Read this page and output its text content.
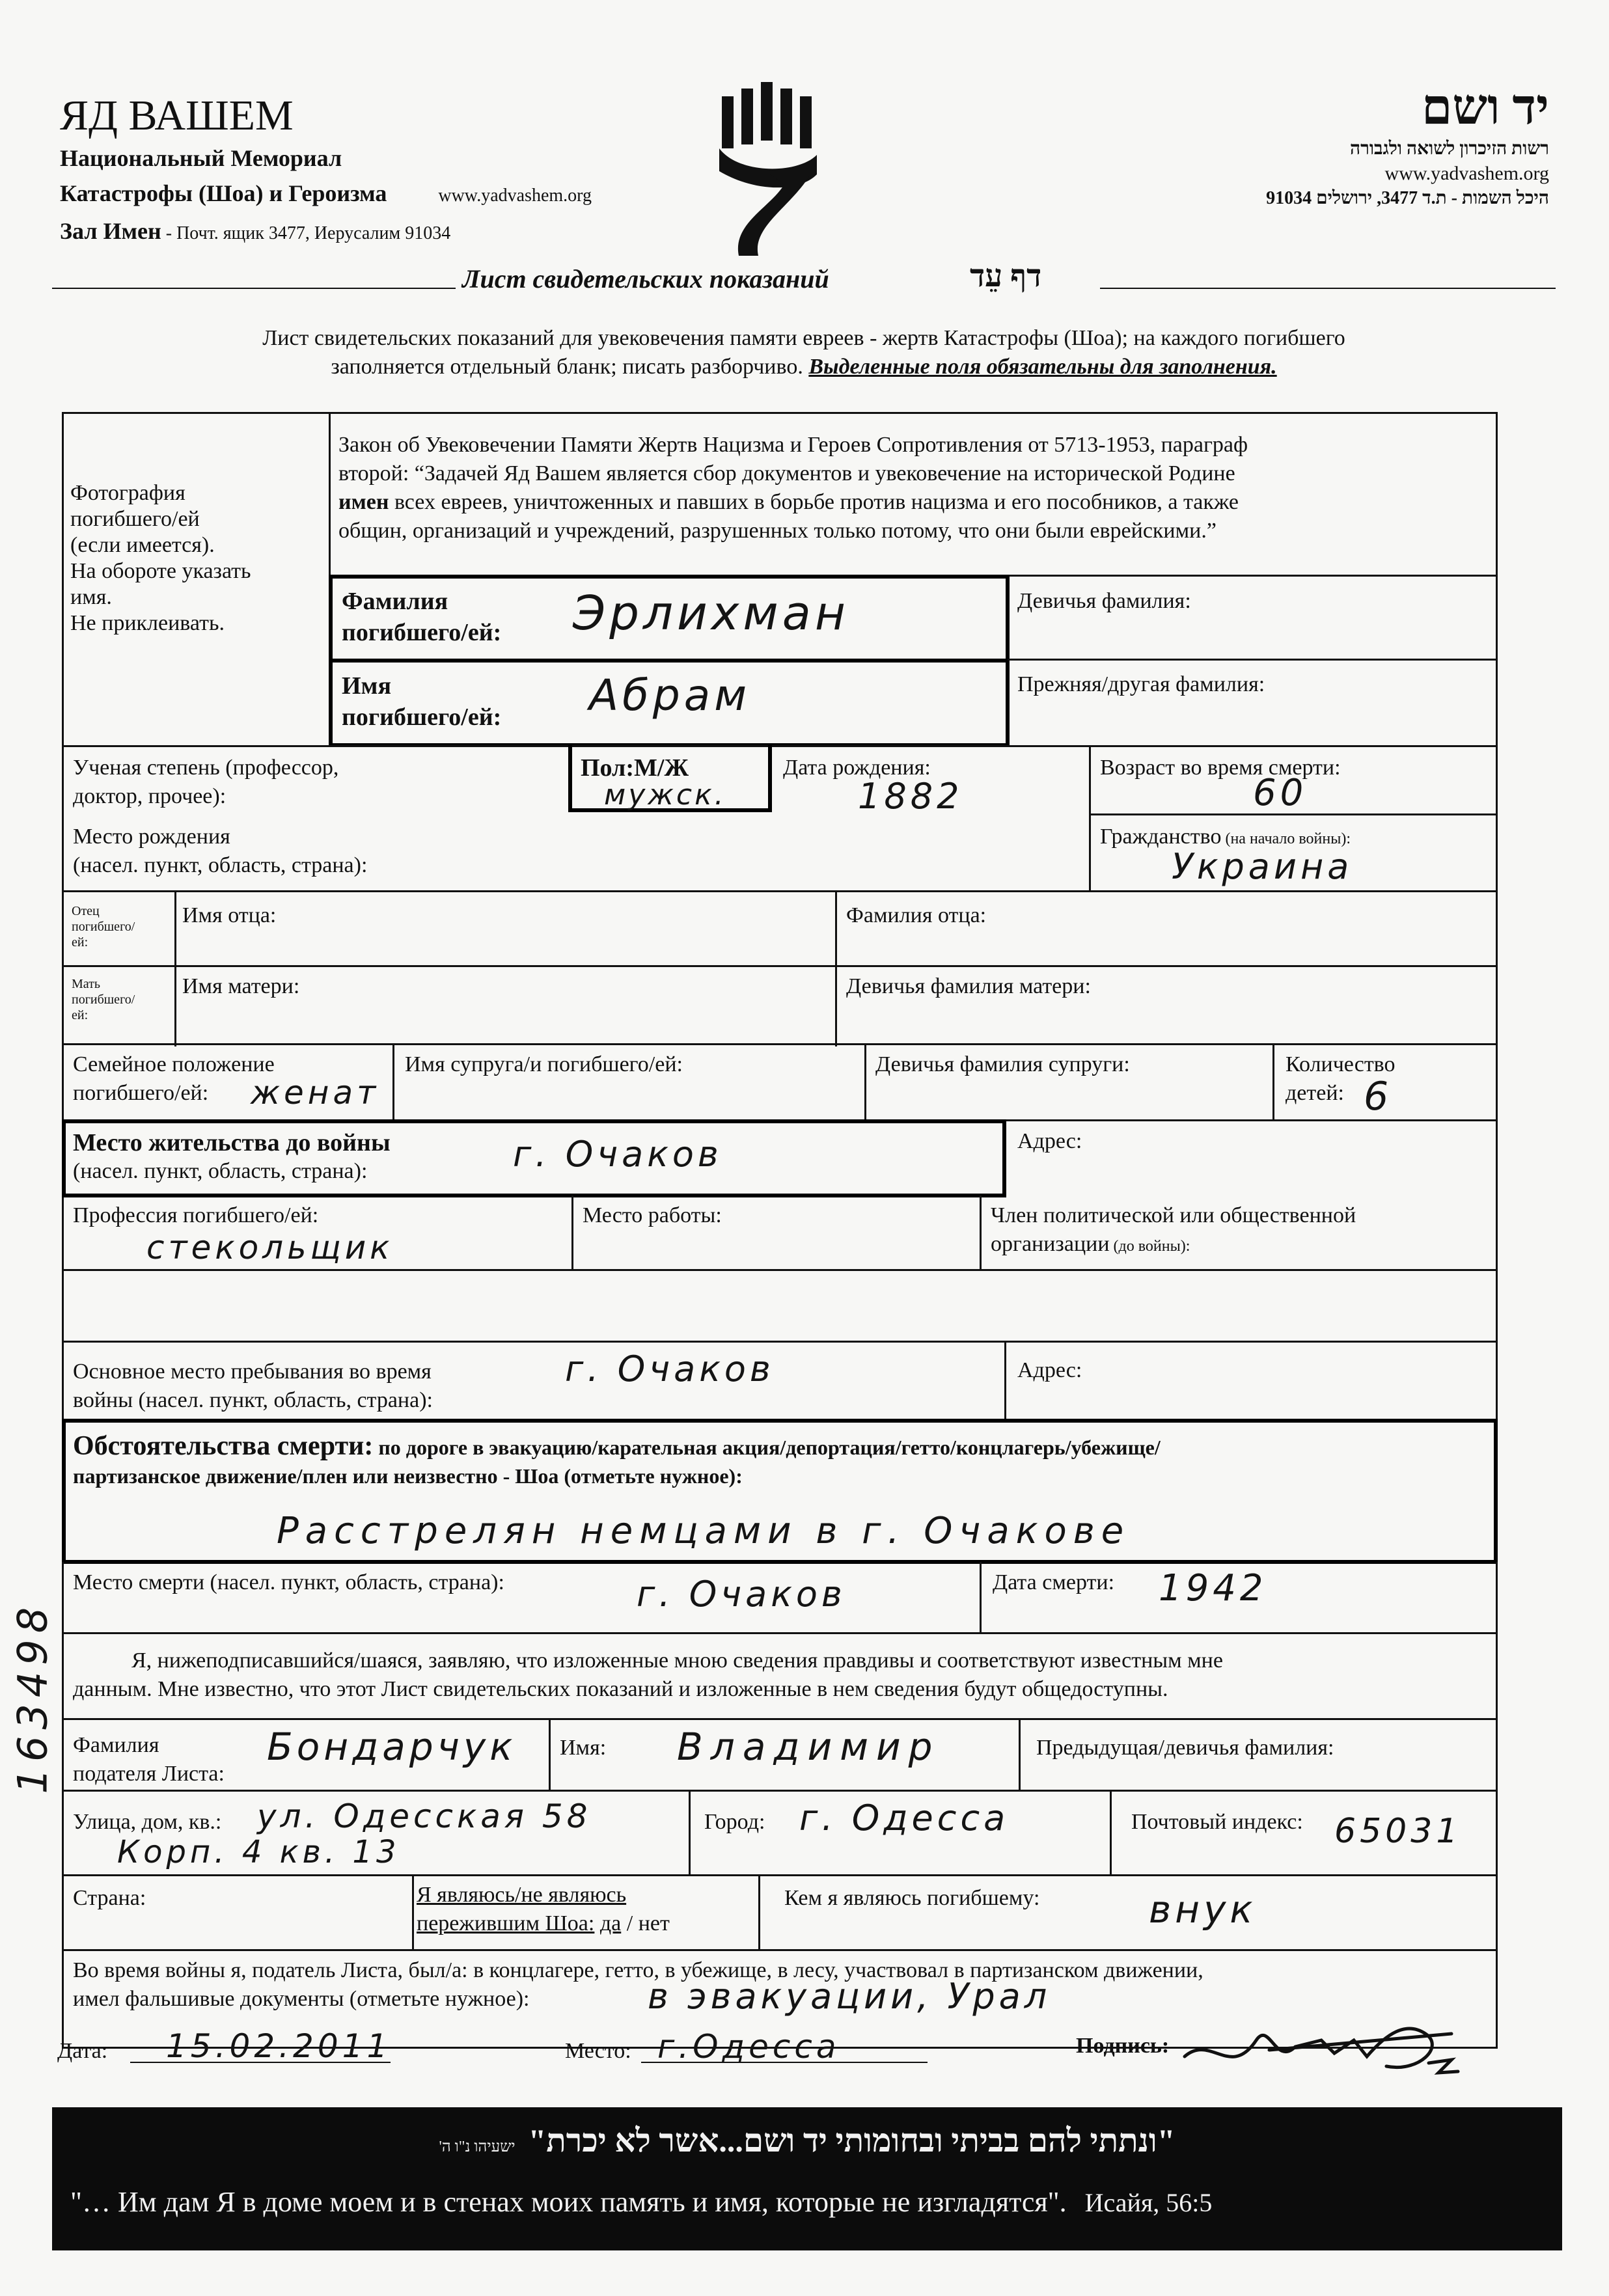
ЯД ВАШЕМ
Национальный Мемориал
Катастрофы (Шоа) и Героизма	www.yadvashem.org
Зал Имен - Почт. ящик 3477, Иерусалим 91034
יד ושם
רשות הזיכרון לשואה ולגבורה
www.yadvashem.org
היכל השמות - ת.ד 3477, ירושלים 91034
Лист свидетельских показаний	דף עֵד
Лист свидетельских показаний для увековечения памяти евреев - жертв Катастрофы (Шоа); на каждого погибшего
заполняется отдельный бланк; писать разборчиво. Выделенные поля обязательны для заполнения.
Фотография
погибшего/ей
(если имеется).
На обороте указать
имя.
Не приклеивать.
Закон об Увековечении Памяти Жертв Нацизма и Героев Сопротивления от 5713-1953, параграф
второй: “Задачей Яд Вашем является сбор документов и увековечение на исторической Родине
имен всех евреев, уничтоженных и павших в борьбе против нацизма и его пособников, а также
общин, организаций и учреждений, разрушенных только потому, что они были еврейскими.”
Фамилия
погибшего/ей: Эрлихман	Девичья фамилия:
Имя
погибшего/ей: Абрам	Прежняя/другая фамилия:
Ученая степень (профессор,
доктор, прочее):
Пол:М/Ж
мужск.
Дата рождения:
1882
Возраст во время смерти:
60
Место рождения
(насел. пункт, область, страна):
Гражданство (на начало войны):
Украина
Отец
погибшего/
ей:
Имя отца:	Фамилия отца:
Мать
погибшего/
ей:
Имя матери:	Девичья фамилия матери:
Семейное положение
погибшего/ей:	женат
Имя супруга/и погибшего/ей:	Девичья фамилия супруги:	Количество
детей: 6
Место жительства до войны
(насел. пункт, область, страна):	г. Очаков	Адрес:
Профессия погибшего/ей:
стекольщик
Место работы:	Член политической или общественной
организации (до войны):
Основное место пребывания во время
войны (насел. пункт, область, страна):
г. Очаков	Адрес:
Обстоятельства смерти: по дороге в эвакуацию/карательная акция/депортация/гетто/концлагерь/убежище/
партизанское движение/плен или неизвестно - Шоа (отметьте нужное):
Расстрелян немцами в г. Очакове
Место смерти (насел. пункт, область, страна):	г. Очаков	Дата смерти: 1942
Я, нижеподписавшийся/шаяся, заявляю, что изложенные мною сведения правдивы и соответствуют известным мне
данным. Мне известно, что этот Лист свидетельских показаний и изложенные в нем сведения будут общедоступны.
Фамилия
подателя Листа:
Бондарчук Имя: Владимир	Предыдущая/девичья фамилия:
Улица, дом, кв.: ул. Одесская 58
Корп. 4 кв. 13
Город: г. Одесса	Почтовый индекс: 65031
Страна:	Я являюсь/не являюсь
пережившим Шоа: да / нет
Кем я являюсь погибшему:	внук
Во время войны я, податель Листа, был/а: в концлагере, гетто, в убежище, в лесу, участвовал в партизанском движении,
имел фальшивые документы (отметьте нужное):	в эвакуации, Урал
Дата: 15.02.2011	Место: г.Одесса	Подпись:
"ונתתי להם בביתי ובחומותי יד ושם...אשר לא יכרת" ישעיהו נ"ו ה'
"… Им дам Я в доме моем и в стенах моих память и имя, которые не изгладятся". Исайя, 56:5
163498
